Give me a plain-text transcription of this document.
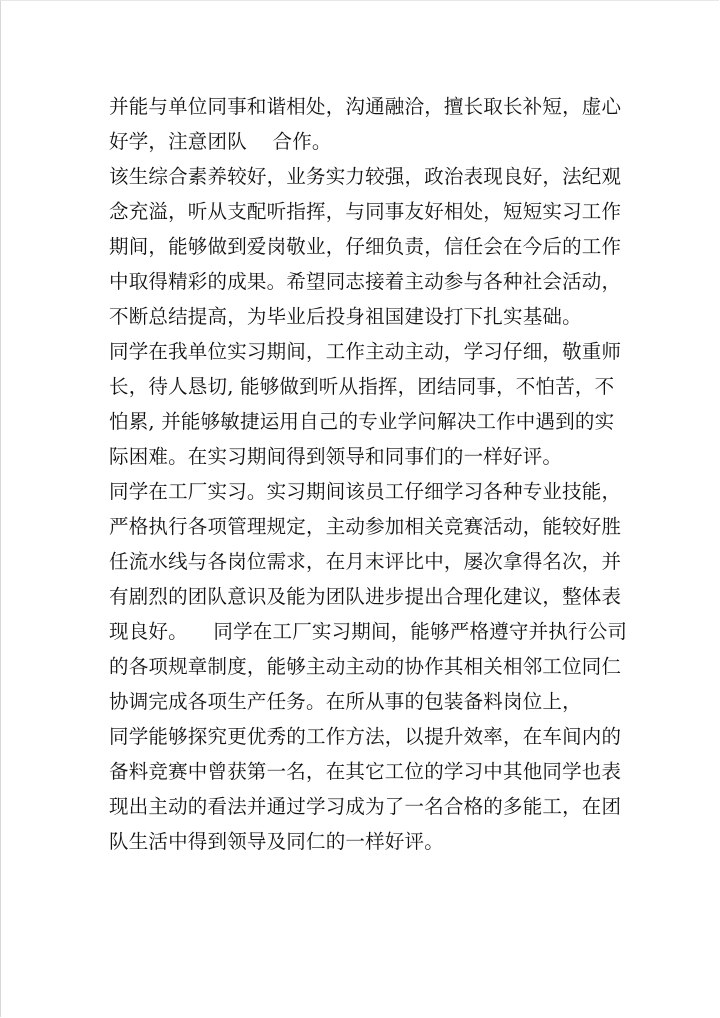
并能与单位同事和谐相处，沟通融洽，擅长取长补短，虚心
好学，注意团队    合作。
该生综合素养较好，业务实力较强，政治表现良好，法纪观
念充溢，听从支配听指挥，与同事友好相处，短短实习工作
期间，能够做到爱岗敬业，仔细负责，信任会在今后的工作
中取得精彩的成果。希望同志接着主动参与各种社会活动，
不断总结提高，为毕业后投身祖国建设打下扎实基础。
同学在我单位实习期间，工作主动主动，学习仔细，敬重师
长，待人恳切, 能够做到听从指挥，团结同事，不怕苦，不
怕累, 并能够敏捷运用自己的专业学问解决工作中遇到的实
际困难。在实习期间得到领导和同事们的一样好评。
同学在工厂实习。实习期间该员工仔细学习各种专业技能，
严格执行各项管理规定，主动参加相关竞赛活动，能较好胜
任流水线与各岗位需求，在月末评比中，屡次拿得名次，并
有剧烈的团队意识及能为团队进步提出合理化建议，整体表
现良好。    同学在工厂实习期间，能够严格遵守并执行公司
的各项规章制度，能够主动主动的协作其相关相邻工位同仁
协调完成各项生产任务。在所从事的包装备料岗位上，
同学能够探究更优秀的工作方法，以提升效率，在车间内的
备料竞赛中曾获第一名，在其它工位的学习中其他同学也表
现出主动的看法并通过学习成为了一名合格的多能工，在团
队生活中得到领导及同仁的一样好评。
